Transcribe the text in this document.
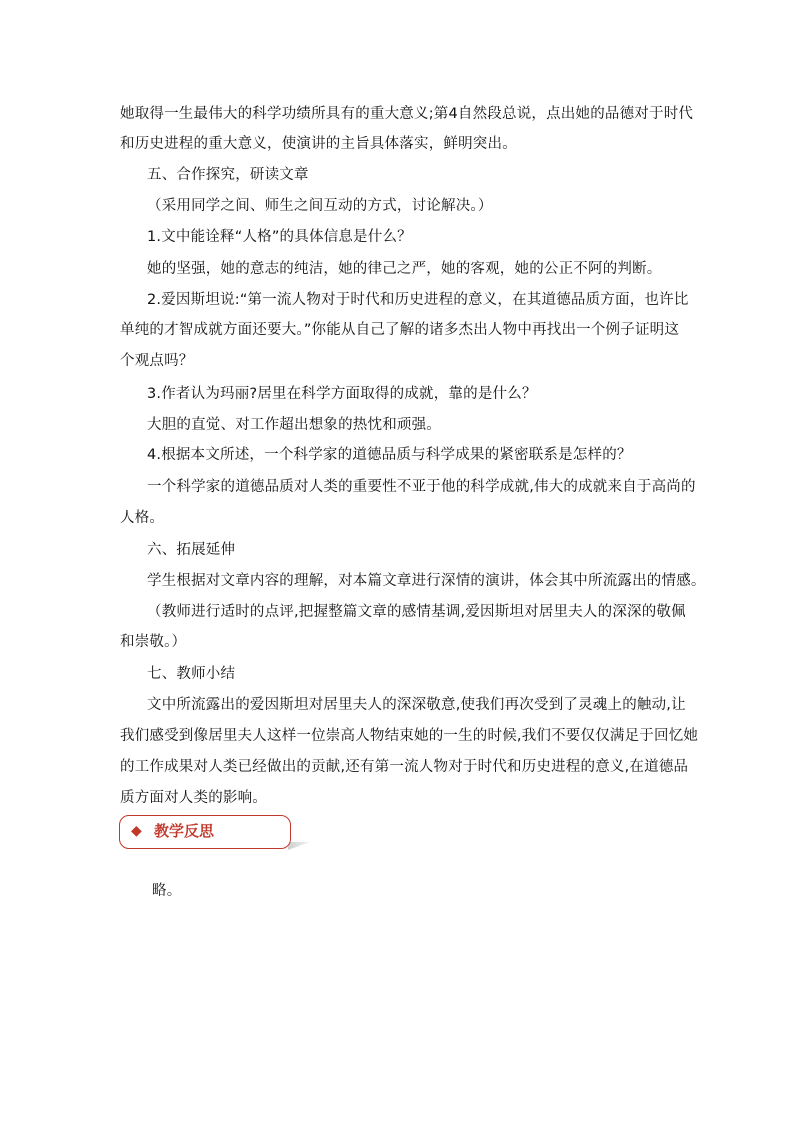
她取得一生最伟大的科学功绩所具有的重大意义;第4自然段总说，点出她的品德对于时代
和历史进程的重大意义，使演讲的主旨具体落实，鲜明突出。
五、合作探究，研读文章
（采用同学之间、师生之间互动的方式，讨论解决。）
1.文中能诠释“人格”的具体信息是什么？
她的坚强，她的意志的纯洁，她的律己之严，她的客观，她的公正不阿的判断。
2.爱因斯坦说:“第一流人物对于时代和历史进程的意义，在其道德品质方面，也许比
单纯的才智成就方面还要大。”你能从自己了解的诸多杰出人物中再找出一个例子证明这
个观点吗？
3.作者认为玛丽?居里在科学方面取得的成就，靠的是什么？
大胆的直觉、对工作超出想象的热忱和顽强。
4.根据本文所述，一个科学家的道德品质与科学成果的紧密联系是怎样的？
一个科学家的道德品质对人类的重要性不亚于他的科学成就,伟大的成就来自于高尚的
人格。
六、拓展延伸
学生根据对文章内容的理解，对本篇文章进行深情的演讲，体会其中所流露出的情感。
（教师进行适时的点评,把握整篇文章的感情基调,爱因斯坦对居里夫人的深深的敬佩
和崇敬。）
七、教师小结
文中所流露出的爱因斯坦对居里夫人的深深敬意,使我们再次受到了灵魂上的触动,让
我们感受到像居里夫人这样一位崇高人物结束她的一生的时候,我们不要仅仅满足于回忆她
的工作成果对人类已经做出的贡献,还有第一流人物对于时代和历史进程的意义,在道德品
质方面对人类的影响。
◆ 教学反思
略。
